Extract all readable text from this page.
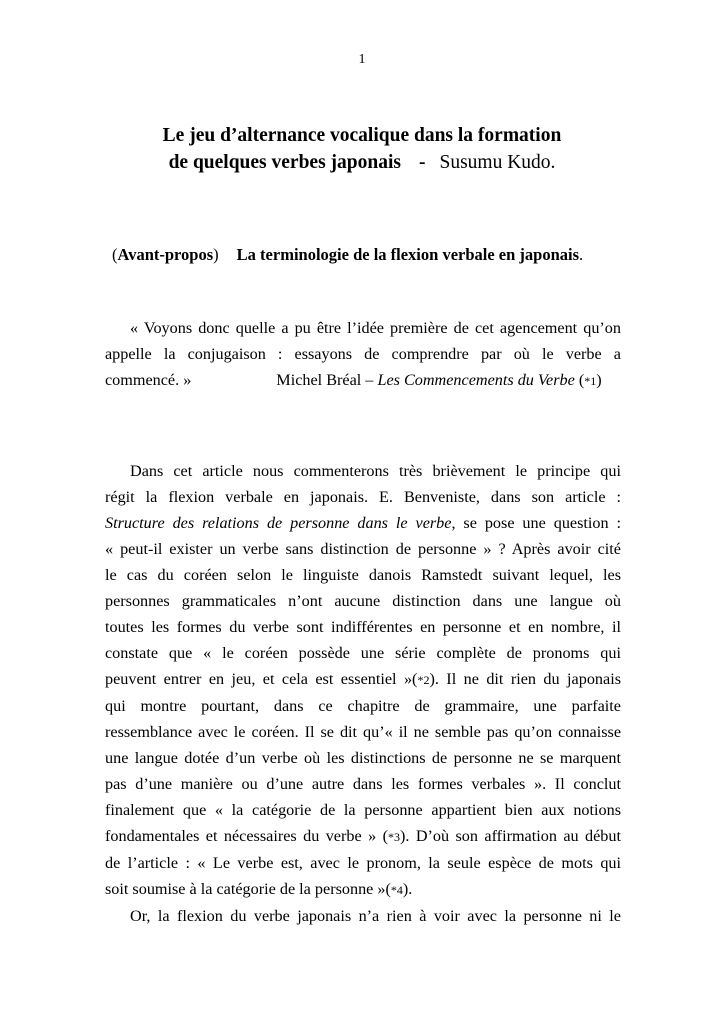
1
Le jeu d’alternance vocalique dans la formation
de quelques verbes japonais - Susumu Kudo.
(Avant-propos) La terminologie de la flexion verbale en japonais.
« Voyons donc quelle a pu être l’idée première de cet agencement qu’on
appelle la conjugaison : essayons de comprendre par où le verbe a
commencé. »	Michel Bréal – Les Commencements du Verbe (*1)
Dans cet article nous commenterons très brièvement le principe qui
régit la flexion verbale en japonais. E. Benveniste, dans son article :
Structure des relations de personne dans le verbe, se pose une question :
« peut-il exister un verbe sans distinction de personne » ? Après avoir cité
le cas du coréen selon le linguiste danois Ramstedt suivant lequel, les
personnes grammaticales n’ont aucune distinction dans une langue où
toutes les formes du verbe sont indifférentes en personne et en nombre, il
constate que « le coréen possède une série complète de pronoms qui
peuvent entrer en jeu, et cela est essentiel »(*2). Il ne dit rien du japonais
qui montre pourtant, dans ce chapitre de grammaire, une parfaite
ressemblance avec le coréen. Il se dit qu’« il ne semble pas qu’on connaisse
une langue dotée d’un verbe où les distinctions de personne ne se marquent
pas d’une manière ou d’une autre dans les formes verbales ». Il conclut
finalement que « la catégorie de la personne appartient bien aux notions
fondamentales et nécessaires du verbe » (*3). D’où son affirmation au début
de l’article : « Le verbe est, avec le pronom, la seule espèce de mots qui
soit soumise à la catégorie de la personne »(*4).
Or, la flexion du verbe japonais n’a rien à voir avec la personne ni le
